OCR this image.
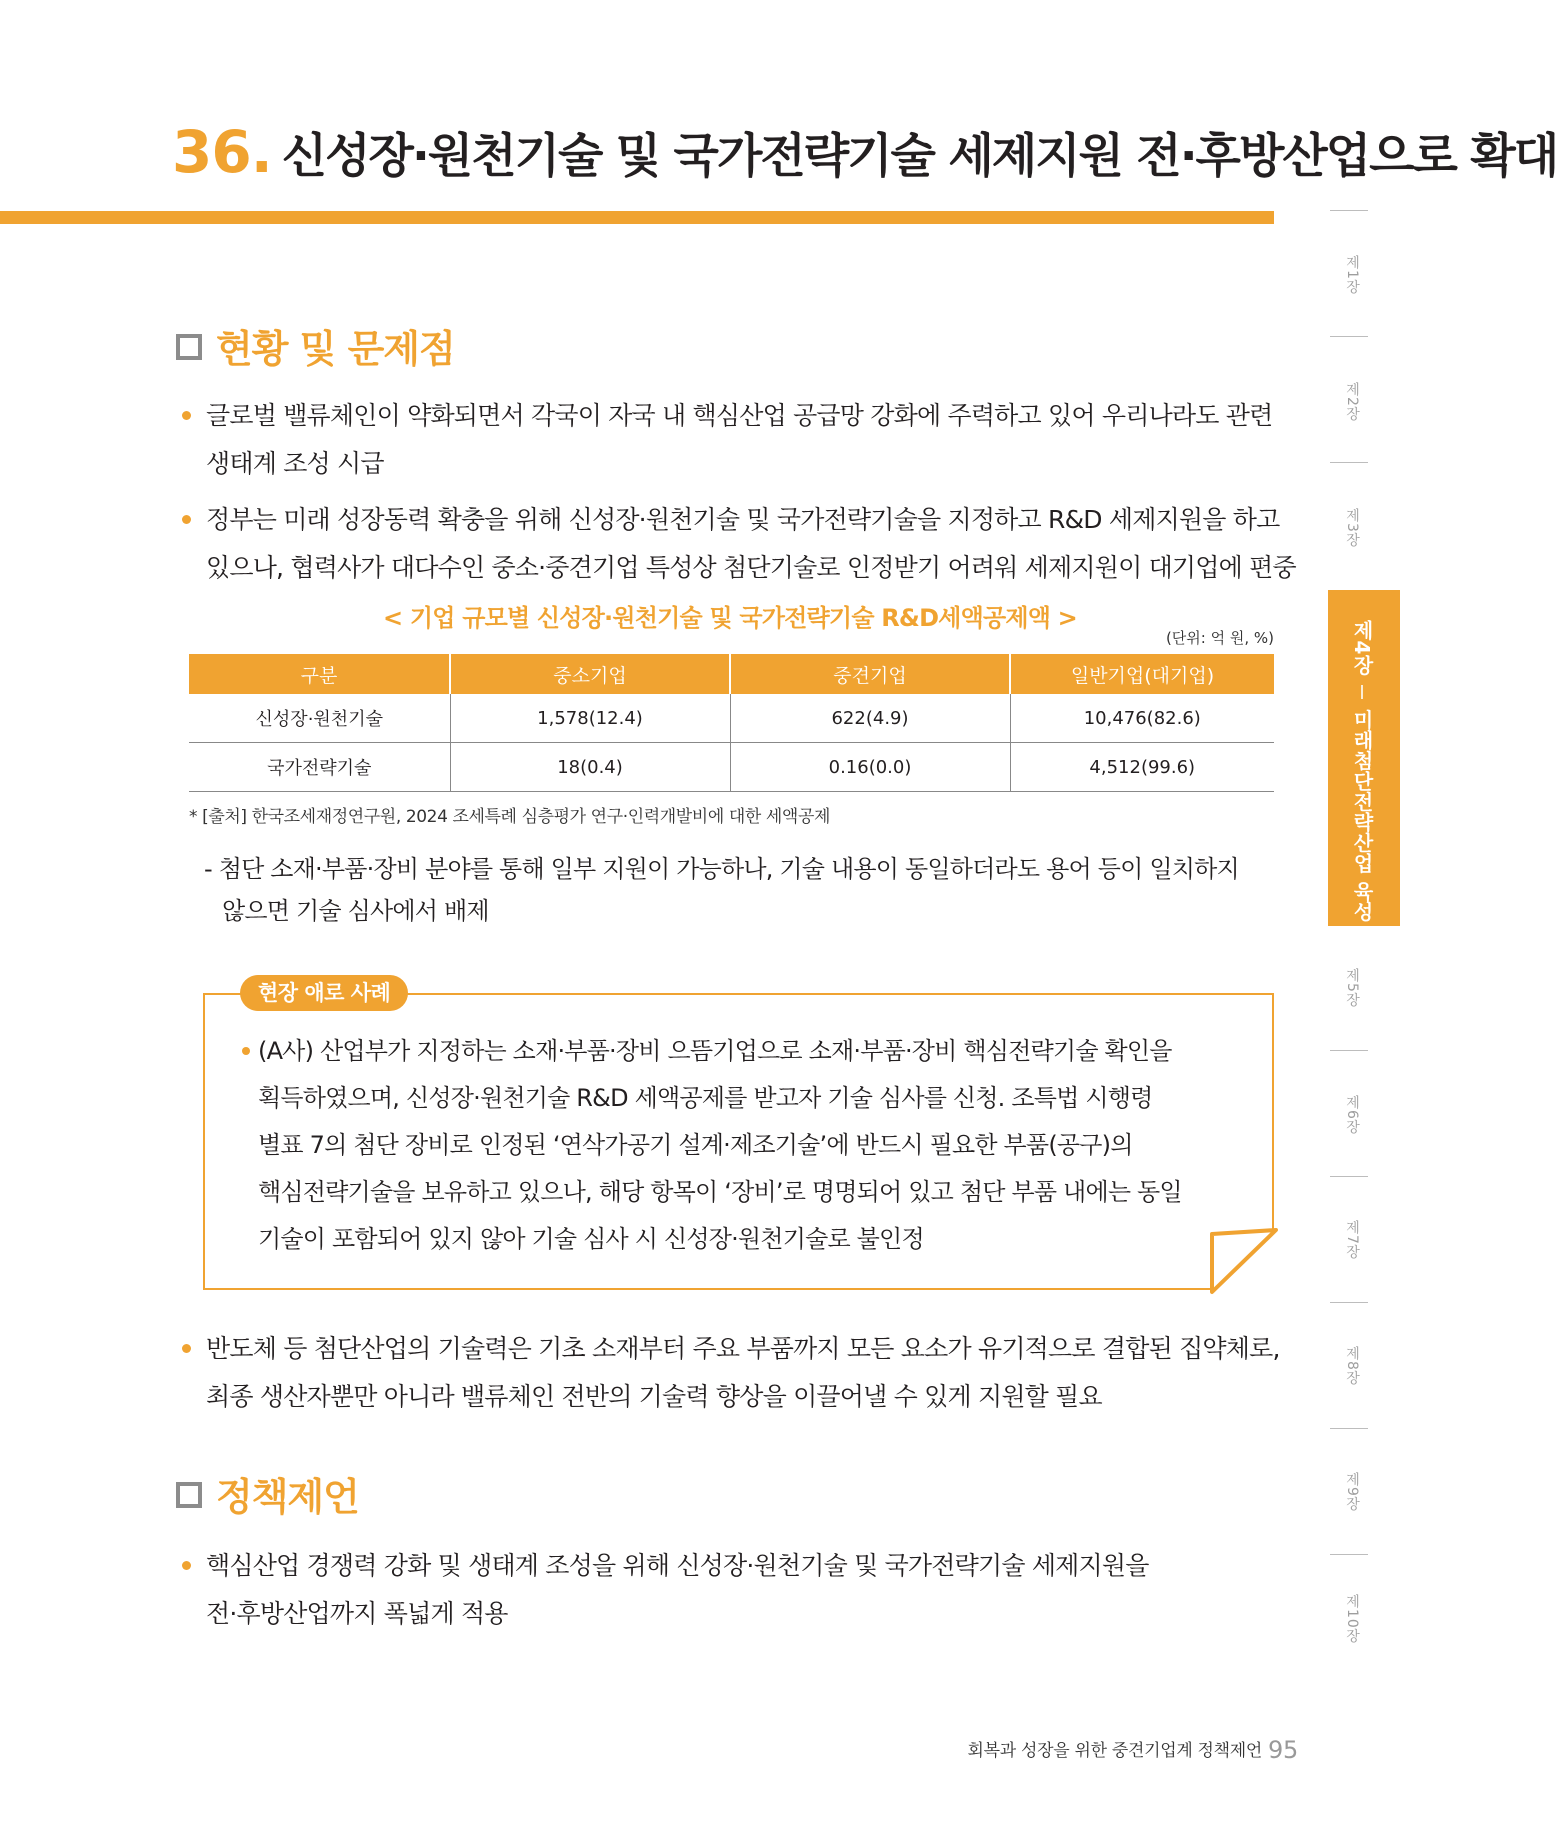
36. 신성장·원천기술 및 국가전략기술 세제지원 전·후방산업으로 확대
현황 및 문제점
글로벌 밸류체인이 약화되면서 각국이 자국 내 핵심산업 공급망 강화에 주력하고 있어 우리나라도 관련
생태계 조성 시급
정부는 미래 성장동력 확충을 위해 신성장·원천기술 및 국가전략기술을 지정하고 R&D 세제지원을 하고
있으나, 협력사가 대다수인 중소·중견기업 특성상 첨단기술로 인정받기 어려워 세제지원이 대기업에 편중
< 기업 규모별 신성장·원천기술 및 국가전략기술 R&D세액공제액 >
(단위: 억 원, %)
구분	중소기업	중견기업	일반기업(대기업)
신성장·원천기술	1,578(12.4)	622(4.9)	10,476(82.6)
국가전략기술	18(0.4)	0.16(0.0)	4,512(99.6)
* [출처] 한국조세재정연구원, 2024 조세특례 심층평가 연구·인력개발비에 대한 세액공제
- 첨단 소재·부품·장비 분야를 통해 일부 지원이 가능하나, 기술 내용이 동일하더라도 용어 등이 일치하지
않으면 기술 심사에서 배제
현장 애로 사례
(A사) 산업부가 지정하는 소재·부품·장비 으뜸기업으로 소재·부품·장비 핵심전략기술 확인을
획득하였으며, 신성장·원천기술 R&D 세액공제를 받고자 기술 심사를 신청. 조특법 시행령
별표 7의 첨단 장비로 인정된 ‘연삭가공기 설계·제조기술’에 반드시 필요한 부품(공구)의
핵심전략기술을 보유하고 있으나, 해당 항목이 ‘장비’로 명명되어 있고 첨단 부품 내에는 동일
기술이 포함되어 있지 않아 기술 심사 시 신성장·원천기술로 불인정
반도체 등 첨단산업의 기술력은 기초 소재부터 주요 부품까지 모든 요소가 유기적으로 결합된 집약체로,
최종 생산자뿐만 아니라 밸류체인 전반의 기술력 향상을 이끌어낼 수 있게 지원할 필요
정책제언
핵심산업 경쟁력 강화 및 생태계 조성을 위해 신성장·원천기술 및 국가전략기술 세제지원을
전·후방산업까지 폭넓게 적용
제1장
제2장
제3장
제4장미래첨단전략산업 육성
제5장
제6장
제7장
제8장
제9장
제10장
회복과 성장을 위한 중견기업계 정책제언 95
